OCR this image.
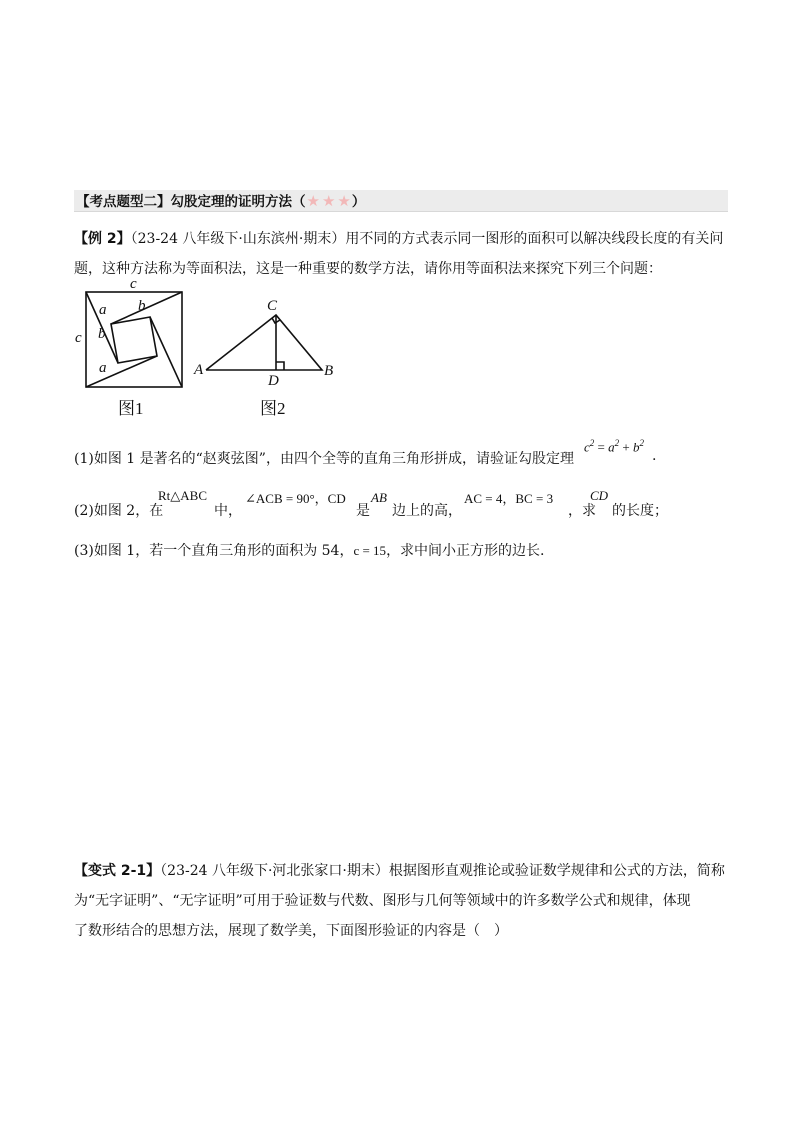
【考点题型二】勾股定理的证明方法（★ ★ ★）
【例 2】（23-24 八年级下·山东滨州·期末）用不同的方式表示同一图形的面积可以解决线段长度的有关问
题，这种方法称为等面积法，这是一种重要的数学方法，请你用等面积法来探究下列三个问题：
c
c
a b
b
a
图1
C
A	B
D
图2
(1)如图 1 是著名的“赵爽弦图”，由四个全等的直角三角形拼成，请验证勾股定理
$c^2 = a^2 + b^2$
.
(2)如图 2，在
Rt△ABC
中，
∠ACB = 90°，CD
是
AB
边上的高，
AC = 4，BC = 3
，求
CD
的长度；
(3)如图 1，若一个直角三角形的面积为 54，c = 15，求中间小正方形的边长.
【变式 2-1】（23-24 八年级下·河北张家口·期末）根据图形直观推论或验证数学规律和公式的方法，简称
为“无字证明”、“无字证明”可用于验证数与代数、图形与几何等领域中的许多数学公式和规律，体现
了数形结合的思想方法，展现了数学美，下面图形验证的内容是（　）
